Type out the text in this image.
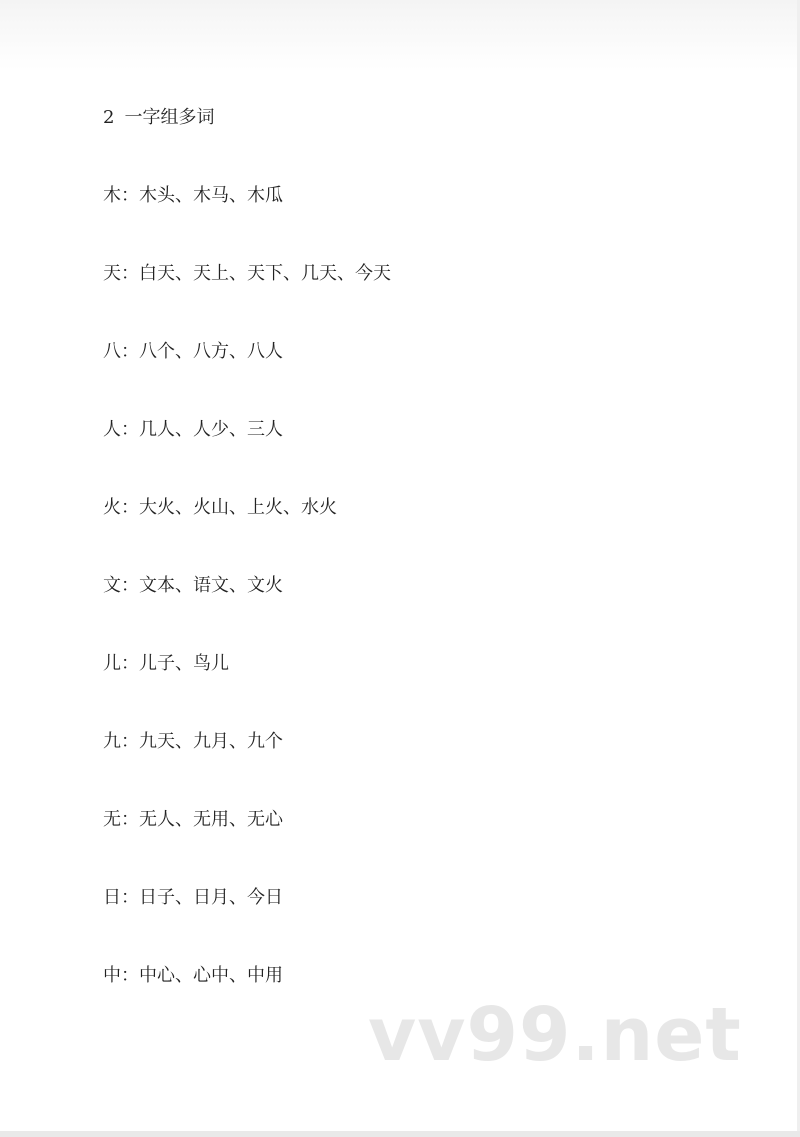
2 一字组多词
木：木头、木马、木瓜
天：白天、天上、天下、几天、今天
八：八个、八方、八人
人：几人、人少、三人
火：大火、火山、上火、水火
文：文本、语文、文火
儿：儿子、鸟儿
九：九天、九月、九个
无：无人、无用、无心
日：日子、日月、今日
中：中心、心中、中用
vv99.net
